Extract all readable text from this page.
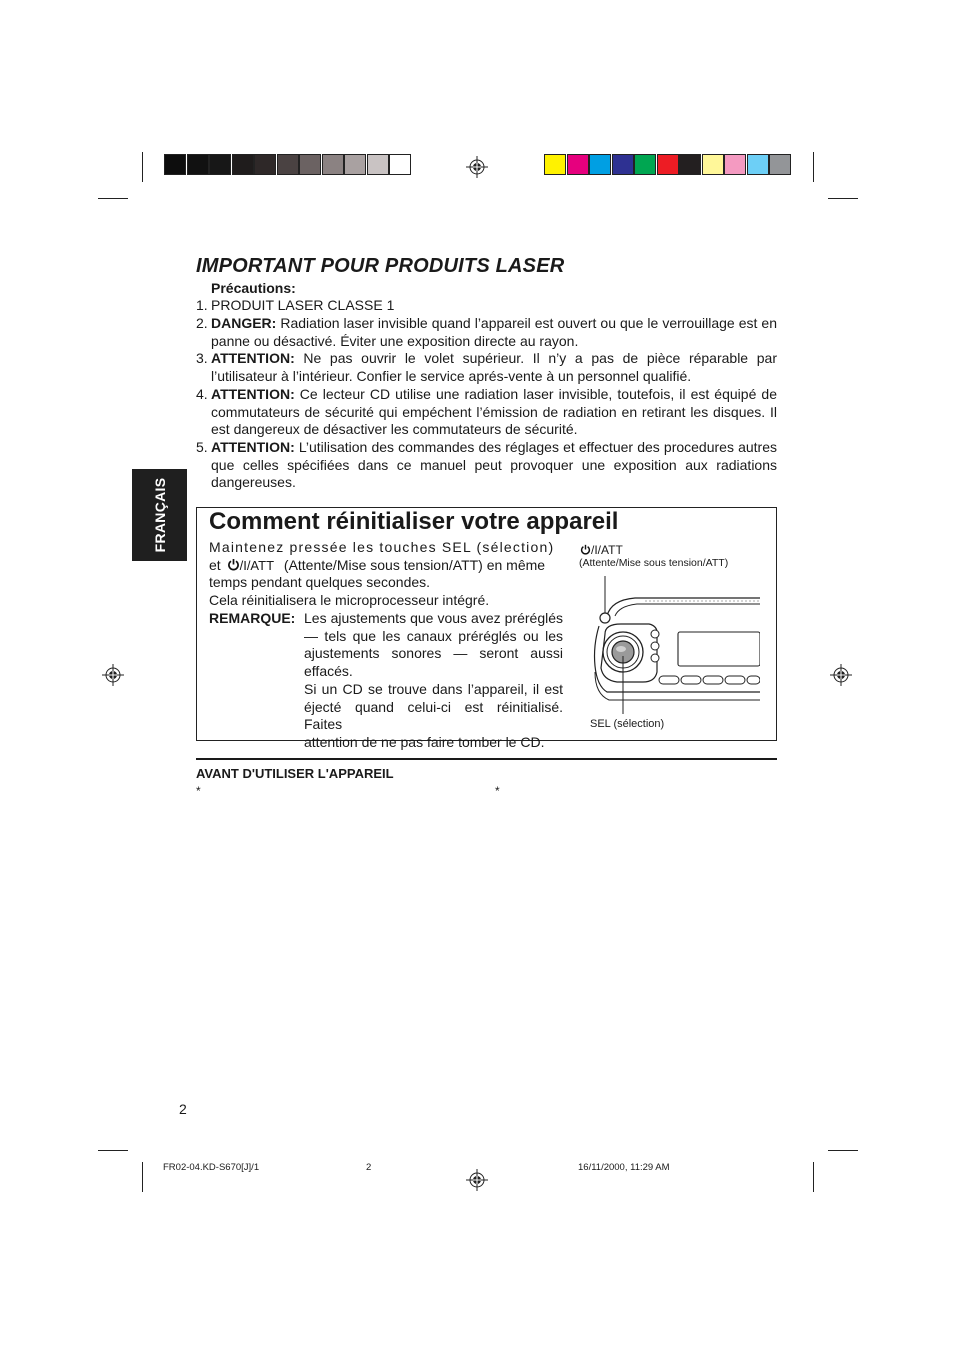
IMPORTANT POUR PRODUITS LASER
Précautions:
1. PRODUIT LASER CLASSE 1
2. DANGER: Radiation laser invisible quand l’appareil est ouvert ou que le verrouillage est en panne ou désactivé. Éviter une exposition directe au rayon.
3. ATTENTION: Ne pas ouvrir le volet supérieur. Il n’y a pas de pièce réparable par l’utilisateur à l’intérieur. Confier le service aprés-vente à un personnel qualifié.
4. ATTENTION: Ce lecteur CD utilise une radiation laser invisible, toutefois, il est équipé de commutateurs de sécurité qui empéchent l’émission de radiation en retirant les disques. Il est dangereux de désactiver les commutateurs de sécurité.
5. ATTENTION: L’utilisation des commandes des réglages et effectuer des procedures autres que celles spécifiées dans ce manuel peut provoquer une exposition aux radiations dangereuses.
FRANÇAIS Comment réinitialiser votre appareil
Maintenez pressée les touches SEL (sélection)
et /I/ATT (Attente/Mise sous tension/ATT) en même
temps pendant quelques secondes.
Cela réinitialisera le microprocesseur intégré.
REMARQUE: Les ajustements que vous avez préréglés
— tels que les canaux préréglés ou les
ajustements sonores — seront aussi
effacés.
Si un CD se trouve dans l’appareil, il est
éjecté quand celui-ci est réinitialisé. Faites
attention de ne pas faire tomber le CD.
/I/ATT
(Attente/Mise sous tension/ATT)
SEL (sélection)
AVANT D'UTILISER L'APPAREIL
*	*
2
FR02-04.KD-S670[J]/1	2	16/11/2000, 11:29 AM
